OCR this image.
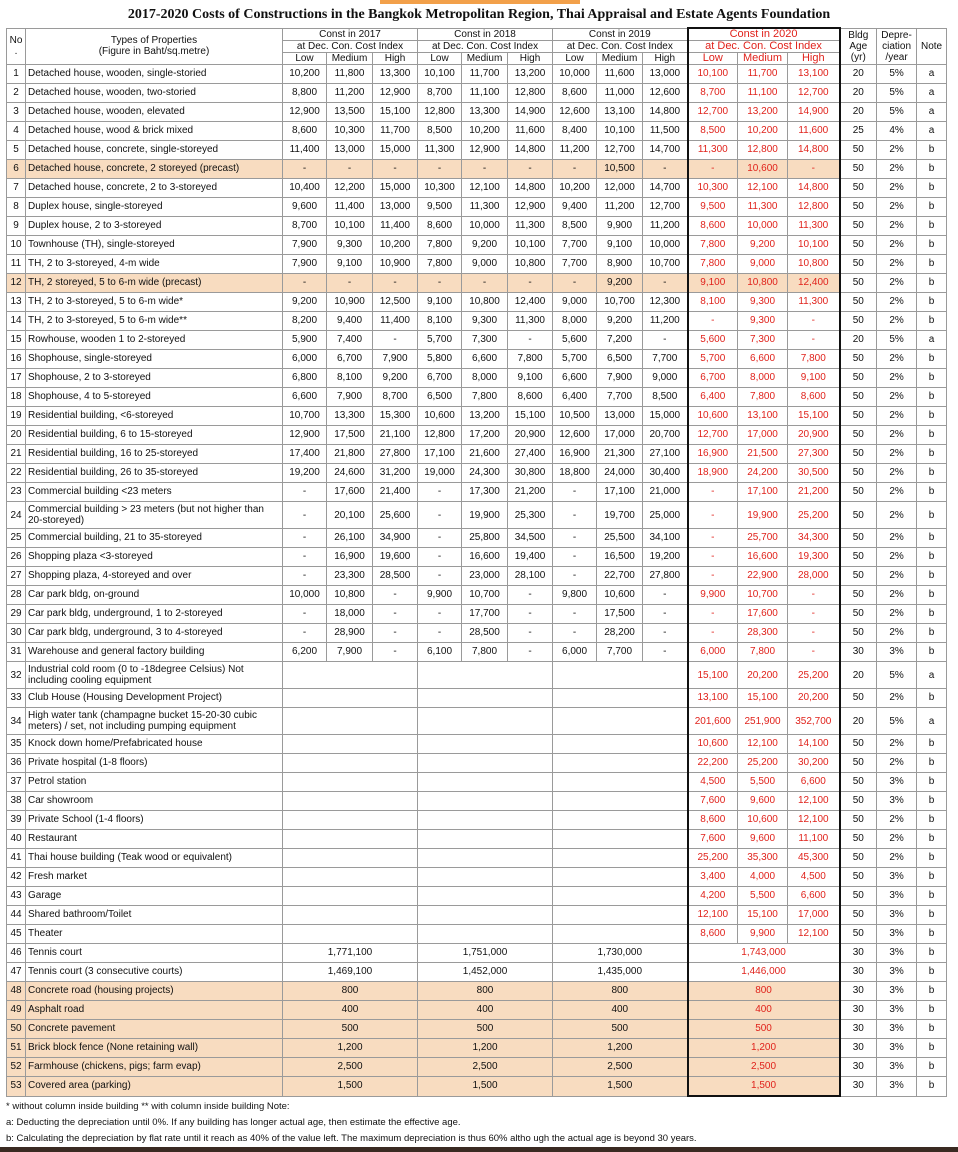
2017-2020 Costs of Constructions in the Bangkok Metropolitan Region, Thai Appraisal and Estate Agents Foundation
No
.	Types of Properties
(Figure in Baht/sq.metre)	Const in 2017			Const in 2018			Const in 2019			Const in 2020			Bldg
Age
(yr)	Depre-
ciation
/year	Note
		at Dec. Con. Cost Index			at Dec. Con. Cost Index			at Dec. Con. Cost Index			at Dec. Con. Cost Index					
		Low	Medium	High	Low	Medium	High	Low	Medium	High	Low	Medium	High			
1	Detached house, wooden, single-storied	10,200	11,800	13,300	10,100	11,700	13,200	10,000	11,600	13,000	10,100	11,700	13,100	20	5%	a
2	Detached house, wooden, two-storied	8,800	11,200	12,900	8,700	11,100	12,800	8,600	11,000	12,600	8,700	11,100	12,700	20	5%	a
3	Detached house, wooden, elevated	12,900	13,500	15,100	12,800	13,300	14,900	12,600	13,100	14,800	12,700	13,200	14,900	20	5%	a
4	Detached house, wood & brick mixed	8,600	10,300	11,700	8,500	10,200	11,600	8,400	10,100	11,500	8,500	10,200	11,600	25	4%	a
5	Detached house, concrete, single-storeyed	11,400	13,000	15,000	11,300	12,900	14,800	11,200	12,700	14,700	11,300	12,800	14,800	50	2%	b
6	Detached house, concrete, 2 storeyed (precast)	-	-	-	-	-	-	-	10,500	-	-	10,600	-	50	2%	b
7	Detached house, concrete, 2 to 3-storeyed	10,400	12,200	15,000	10,300	12,100	14,800	10,200	12,000	14,700	10,300	12,100	14,800	50	2%	b
8	Duplex house, single-storeyed	9,600	11,400	13,000	9,500	11,300	12,900	9,400	11,200	12,700	9,500	11,300	12,800	50	2%	b
9	Duplex house, 2 to 3-storeyed	8,700	10,100	11,400	8,600	10,000	11,300	8,500	9,900	11,200	8,600	10,000	11,300	50	2%	b
10	Townhouse (TH), single-storeyed	7,900	9,300	10,200	7,800	9,200	10,100	7,700	9,100	10,000	7,800	9,200	10,100	50	2%	b
11	TH, 2 to 3-storeyed, 4-m wide	7,900	9,100	10,900	7,800	9,000	10,800	7,700	8,900	10,700	7,800	9,000	10,800	50	2%	b
12	TH, 2 storeyed, 5 to 6-m wide (precast)	-	-	-	-	-	-	-	9,200	-	9,100	10,800	12,400	50	2%	b
13	TH, 2 to 3-storeyed, 5 to 6-m wide*	9,200	10,900	12,500	9,100	10,800	12,400	9,000	10,700	12,300	8,100	9,300	11,300	50	2%	b
14	TH, 2 to 3-storeyed, 5 to 6-m wide**	8,200	9,400	11,400	8,100	9,300	11,300	8,000	9,200	11,200	-	9,300	-	50	2%	b
15	Rowhouse, wooden 1 to 2-storeyed	5,900	7,400	-	5,700	7,300	-	5,600	7,200	-	5,600	7,300	-	20	5%	a
16	Shophouse, single-storeyed	6,000	6,700	7,900	5,800	6,600	7,800	5,700	6,500	7,700	5,700	6,600	7,800	50	2%	b
17	Shophouse, 2 to 3-storeyed	6,800	8,100	9,200	6,700	8,000	9,100	6,600	7,900	9,000	6,700	8,000	9,100	50	2%	b
18	Shophouse, 4 to 5-storeyed	6,600	7,900	8,700	6,500	7,800	8,600	6,400	7,700	8,500	6,400	7,800	8,600	50	2%	b
19	Residential building, <6-storeyed	10,700	13,300	15,300	10,600	13,200	15,100	10,500	13,000	15,000	10,600	13,100	15,100	50	2%	b
20	Residential building, 6 to 15-storeyed	12,900	17,500	21,100	12,800	17,200	20,900	12,600	17,000	20,700	12,700	17,000	20,900	50	2%	b
21	Residential building, 16 to 25-storeyed	17,400	21,800	27,800	17,100	21,600	27,400	16,900	21,300	27,100	16,900	21,500	27,300	50	2%	b
22	Residential building, 26 to 35-storeyed	19,200	24,600	31,200	19,000	24,300	30,800	18,800	24,000	30,400	18,900	24,200	30,500	50	2%	b
23	Commercial building <23 meters	-	17,600	21,400	-	17,300	21,200	-	17,100	21,000	-	17,100	21,200	50	2%	b
24	Commercial building > 23 meters (but not higher than 20-storeyed)	-	20,100	25,600	-	19,900	25,300	-	19,700	25,000	-	19,900	25,200	50	2%	b
25	Commercial building, 21 to 35-storeyed	-	26,100	34,900	-	25,800	34,500	-	25,500	34,100	-	25,700	34,300	50	2%	b
26	Shopping plaza <3-storeyed	-	16,900	19,600	-	16,600	19,400	-	16,500	19,200	-	16,600	19,300	50	2%	b
27	Shopping plaza, 4-storeyed and over	-	23,300	28,500	-	23,000	28,100	-	22,700	27,800	-	22,900	28,000	50	2%	b
28	Car park bldg, on-ground	10,000	10,800	-	9,900	10,700	-	9,800	10,600	-	9,900	10,700	-	50	2%	b
29	Car park bldg, underground, 1 to 2-storeyed	-	18,000	-	-	17,700	-	-	17,500	-	-	17,600	-	50	2%	b
30	Car park bldg, underground, 3 to 4-storeyed	-	28,900	-	-	28,500	-	-	28,200	-	-	28,300	-	50	2%	b
31	Warehouse and general factory building	6,200	7,900	-	6,100	7,800	-	6,000	7,700	-	6,000	7,800	-	30	3%	b
32	Industrial cold room (0 to -18degree Celsius) Not including cooling equipment										15,100	20,200	25,200	20	5%	a
33	Club House (Housing Development Project)										13,100	15,100	20,200	50	2%	b
34	High water tank (champagne bucket 15-20-30 cubic meters) / set, not including pumping equipment										201,600	251,900	352,700	20	5%	a
35	Knock down home/Prefabricated house										10,600	12,100	14,100	50	2%	b
36	Private hospital (1-8 floors)										22,200	25,200	30,200	50	2%	b
37	Petrol station										4,500	5,500	6,600	50	3%	b
38	Car showroom										7,600	9,600	12,100	50	3%	b
39	Private School (1-4 floors)										8,600	10,600	12,100	50	2%	b
40	Restaurant										7,600	9,600	11,100	50	2%	b
41	Thai house building (Teak wood or equivalent)										25,200	35,300	45,300	50	2%	b
42	Fresh market										3,400	4,000	4,500	50	3%	b
43	Garage										4,200	5,500	6,600	50	3%	b
44	Shared bathroom/Toilet										12,100	15,100	17,000	50	3%	b
45	Theater										8,600	9,900	12,100	50	3%	b
46	Tennis court	1,771,100			1,751,000			1,730,000			1,743,000			30	3%	b
47	Tennis court (3 consecutive courts)	1,469,100			1,452,000			1,435,000			1,446,000			30	3%	b
48	Concrete road (housing projects)	800			800			800			800			30	3%	b
49	Asphalt road	400			400			400			400			30	3%	b
50	Concrete pavement	500			500			500			500			30	3%	b
51	Brick block fence (None retaining wall)	1,200			1,200			1,200			1,200			30	3%	b
52	Farmhouse (chickens, pigs; farm evap)	2,500			2,500			2,500			2,500			30	3%	b
53	Covered area (parking)	1,500			1,500			1,500			1,500			30	3%	b
* without column inside building ** with column inside building Note:
a: Deducting the depreciation until 0%. If any building has longer actual age, then estimate the effective age.
b: Calculating the depreciation by flat rate until it reach as 40% of the value left. The maximum depreciation is thus 60% altho ugh the actual age is beyond 30 years.
